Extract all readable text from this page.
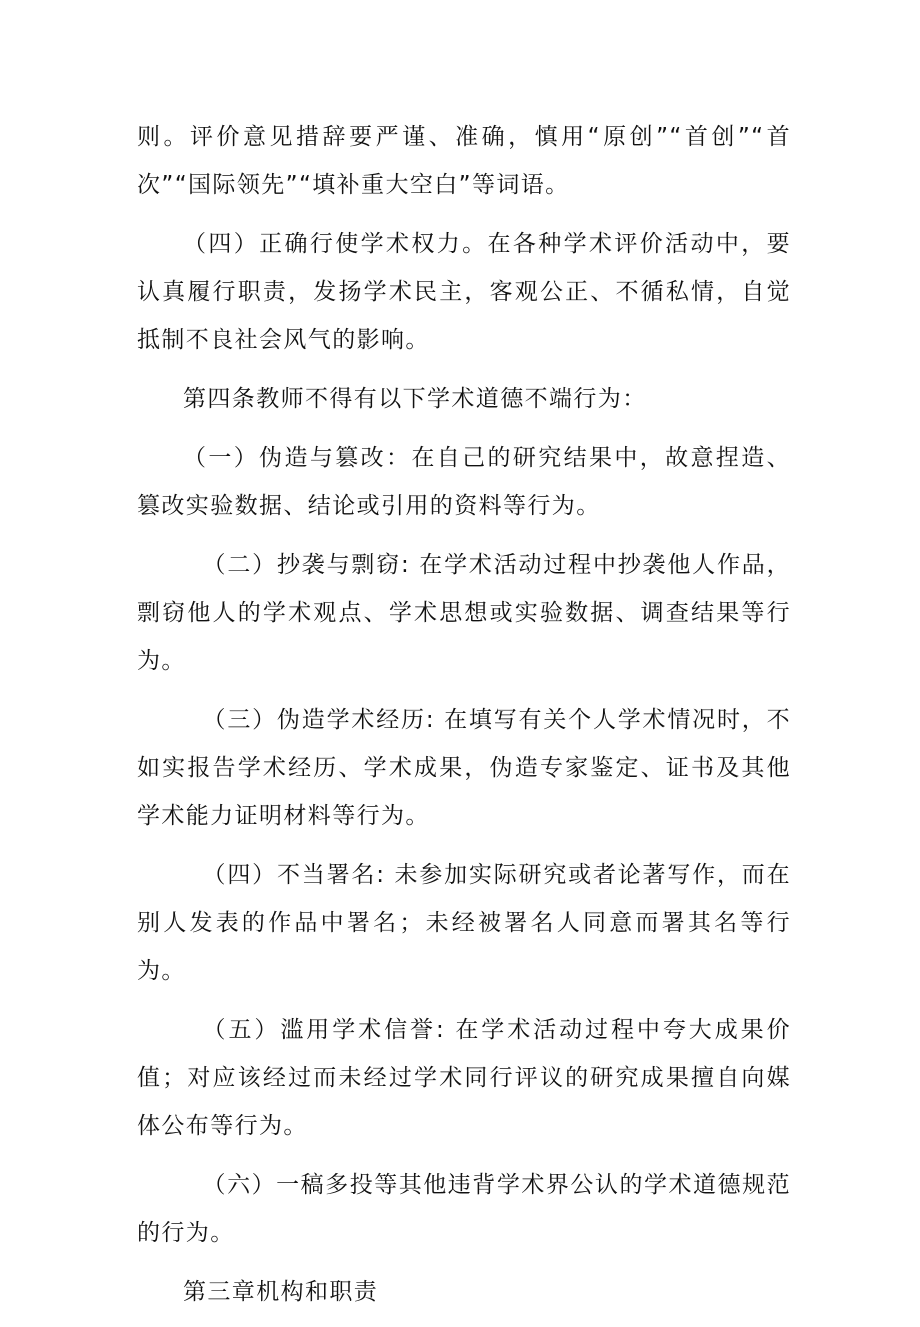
则。评价意见措辞要严谨、准确，慎用“原创”“首创”“首次”“国际领先”“填补重大空白”等词语。

（四）正确行使学术权力。在各种学术评价活动中，要认真履行职责，发扬学术民主，客观公正、不循私情，自觉抵制不良社会风气的影响。

第四条教师不得有以下学术道德不端行为：

（一）伪造与篡改：在自己的研究结果中，故意捏造、篡改实验数据、结论或引用的资料等行为。

（二）抄袭与剽窃: 在学术活动过程中抄袭他人作品，剽窃他人的学术观点、学术思想或实验数据、调查结果等行为。

（三）伪造学术经历: 在填写有关个人学术情况时，不如实报告学术经历、学术成果，伪造专家鉴定、证书及其他学术能力证明材料等行为。

（四）不当署名: 未参加实际研究或者论著写作，而在别人发表的作品中署名；未经被署名人同意而署其名等行为。

（五）滥用学术信誉: 在学术活动过程中夸大成果价值；对应该经过而未经过学术同行评议的研究成果擅自向媒体公布等行为。

（六）一稿多投等其他违背学术界公认的学术道德规范的行为。

第三章机构和职责
